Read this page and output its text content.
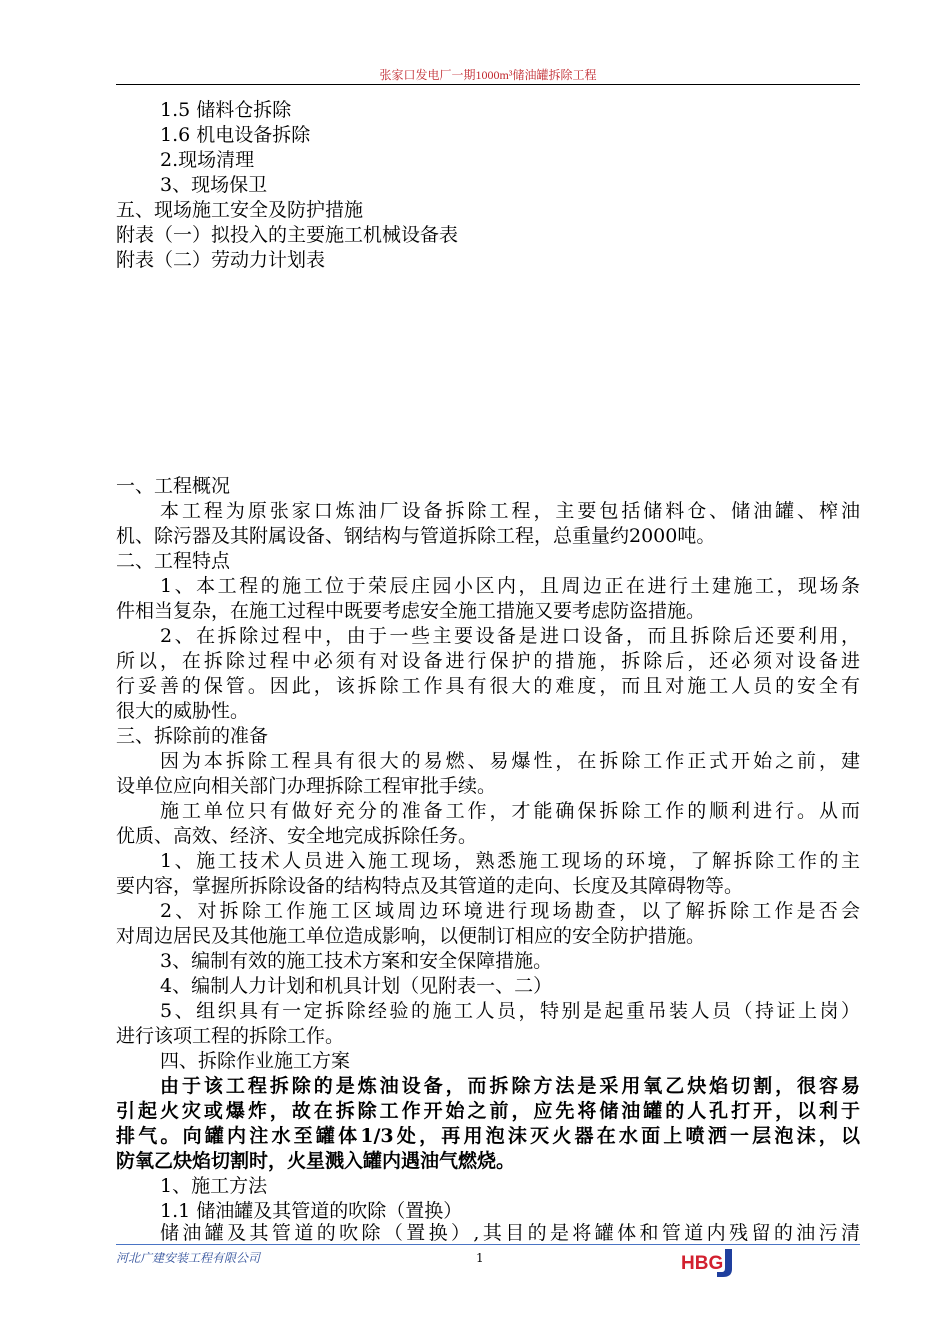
张家口发电厂一期1000m³储油罐拆除工程
1.5 储料仓拆除
1.6 机电设备拆除
2.现场清理
3、现场保卫
五、现场施工安全及防护措施
附表（一）拟投入的主要施工机械设备表
附表（二）劳动力计划表
一、工程概况
本工程为原张家口炼油厂设备拆除工程，主要包括储料仓、储油罐、榨油
机、除污器及其附属设备、钢结构与管道拆除工程，总重量约2000吨。
二、工程特点
1、本工程的施工位于荣辰庄园小区内，且周边正在进行土建施工，现场条
件相当复杂，在施工过程中既要考虑安全施工措施又要考虑防盗措施。
2、在拆除过程中，由于一些主要设备是进口设备，而且拆除后还要利用，
所以，在拆除过程中必须有对设备进行保护的措施，拆除后，还必须对设备进
行妥善的保管。因此，该拆除工作具有很大的难度，而且对施工人员的安全有
很大的威胁性。
三、拆除前的准备
因为本拆除工程具有很大的易燃、易爆性，在拆除工作正式开始之前，建
设单位应向相关部门办理拆除工程审批手续。
施工单位只有做好充分的准备工作，才能确保拆除工作的顺利进行。从而
优质、高效、经济、安全地完成拆除任务。
1、施工技术人员进入施工现场，熟悉施工现场的环境，了解拆除工作的主
要内容，掌握所拆除设备的结构特点及其管道的走向、长度及其障碍物等。
2、对拆除工作施工区域周边环境进行现场勘查，以了解拆除工作是否会
对周边居民及其他施工单位造成影响，以便制订相应的安全防护措施。
3、编制有效的施工技术方案和安全保障措施。
4、编制人力计划和机具计划（见附表一、二）
5、组织具有一定拆除经验的施工人员，特别是起重吊装人员（持证上岗）
进行该项工程的拆除工作。
四、拆除作业施工方案
由于该工程拆除的是炼油设备，而拆除方法是采用氧乙炔焰切割，很容易
引起火灾或爆炸，故在拆除工作开始之前，应先将储油罐的人孔打开，以利于
排气。向罐内注水至罐体1/3处，再用泡沫灭火器在水面上喷洒一层泡沫，以
防氧乙炔焰切割时，火星溅入罐内遇油气燃烧。
1、施工方法
1.1 储油罐及其管道的吹除（置换）
储油罐及其管道的吹除（置换）,其目的是将罐体和管道内残留的油污清
河北广建安装工程有限公司	1	HBG
